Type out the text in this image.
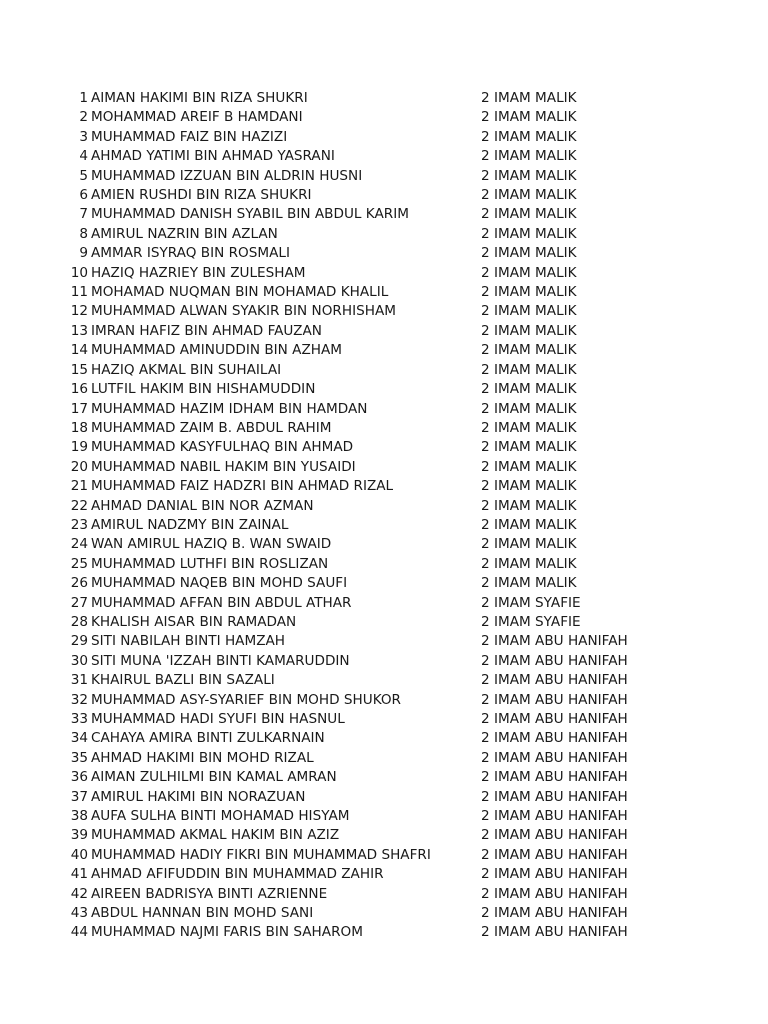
1 AIMAN HAKIMI BIN RIZA SHUKRI	2 IMAM MALIK
2 MOHAMMAD AREIF B HAMDANI	2 IMAM MALIK
3 MUHAMMAD FAIZ BIN HAZIZI	2 IMAM MALIK
4 AHMAD YATIMI BIN AHMAD YASRANI	2 IMAM MALIK
5 MUHAMMAD IZZUAN BIN ALDRIN HUSNI	2 IMAM MALIK
6 AMIEN RUSHDI BIN RIZA SHUKRI	2 IMAM MALIK
7 MUHAMMAD DANISH SYABIL BIN ABDUL KARIM	2 IMAM MALIK
8 AMIRUL NAZRIN BIN AZLAN	2 IMAM MALIK
9 AMMAR ISYRAQ BIN ROSMALI	2 IMAM MALIK
10 HAZIQ HAZRIEY BIN ZULESHAM	2 IMAM MALIK
11 MOHAMAD NUQMAN BIN MOHAMAD KHALIL	2 IMAM MALIK
12 MUHAMMAD ALWAN SYAKIR BIN NORHISHAM	2 IMAM MALIK
13 IMRAN HAFIZ BIN AHMAD FAUZAN	2 IMAM MALIK
14 MUHAMMAD AMINUDDIN BIN AZHAM	2 IMAM MALIK
15 HAZIQ AKMAL BIN SUHAILAI	2 IMAM MALIK
16 LUTFIL HAKIM BIN HISHAMUDDIN	2 IMAM MALIK
17 MUHAMMAD HAZIM IDHAM BIN HAMDAN	2 IMAM MALIK
18 MUHAMMAD ZAIM B. ABDUL RAHIM	2 IMAM MALIK
19 MUHAMMAD KASYFULHAQ BIN AHMAD	2 IMAM MALIK
20 MUHAMMAD NABIL HAKIM BIN YUSAIDI	2 IMAM MALIK
21 MUHAMMAD FAIZ HADZRI BIN AHMAD RIZAL	2 IMAM MALIK
22 AHMAD DANIAL BIN NOR AZMAN	2 IMAM MALIK
23 AMIRUL NADZMY BIN ZAINAL	2 IMAM MALIK
24 WAN AMIRUL HAZIQ B. WAN SWAID	2 IMAM MALIK
25 MUHAMMAD LUTHFI BIN ROSLIZAN	2 IMAM MALIK
26 MUHAMMAD NAQEB BIN MOHD SAUFI	2 IMAM MALIK
27 MUHAMMAD AFFAN BIN ABDUL ATHAR	2 IMAM SYAFIE
28 KHALISH AISAR BIN RAMADAN	2 IMAM SYAFIE
29 SITI NABILAH BINTI HAMZAH	2 IMAM ABU HANIFAH
30 SITI MUNA 'IZZAH BINTI KAMARUDDIN	2 IMAM ABU HANIFAH
31 KHAIRUL BAZLI BIN SAZALI	2 IMAM ABU HANIFAH
32 MUHAMMAD ASY-SYARIEF BIN MOHD SHUKOR	2 IMAM ABU HANIFAH
33 MUHAMMAD HADI SYUFI BIN HASNUL	2 IMAM ABU HANIFAH
34 CAHAYA AMIRA BINTI ZULKARNAIN	2 IMAM ABU HANIFAH
35 AHMAD HAKIMI BIN MOHD RIZAL	2 IMAM ABU HANIFAH
36 AIMAN ZULHILMI BIN KAMAL AMRAN	2 IMAM ABU HANIFAH
37 AMIRUL HAKIMI BIN NORAZUAN	2 IMAM ABU HANIFAH
38 AUFA SULHA BINTI MOHAMAD HISYAM	2 IMAM ABU HANIFAH
39 MUHAMMAD AKMAL HAKIM BIN AZIZ	2 IMAM ABU HANIFAH
40 MUHAMMAD HADIY FIKRI BIN MUHAMMAD SHAFRI	2 IMAM ABU HANIFAH
41 AHMAD AFIFUDDIN BIN MUHAMMAD ZAHIR	2 IMAM ABU HANIFAH
42 AIREEN BADRISYA BINTI AZRIENNE	2 IMAM ABU HANIFAH
43 ABDUL HANNAN BIN MOHD SANI	2 IMAM ABU HANIFAH
44 MUHAMMAD NAJMI FARIS BIN SAHAROM	2 IMAM ABU HANIFAH
